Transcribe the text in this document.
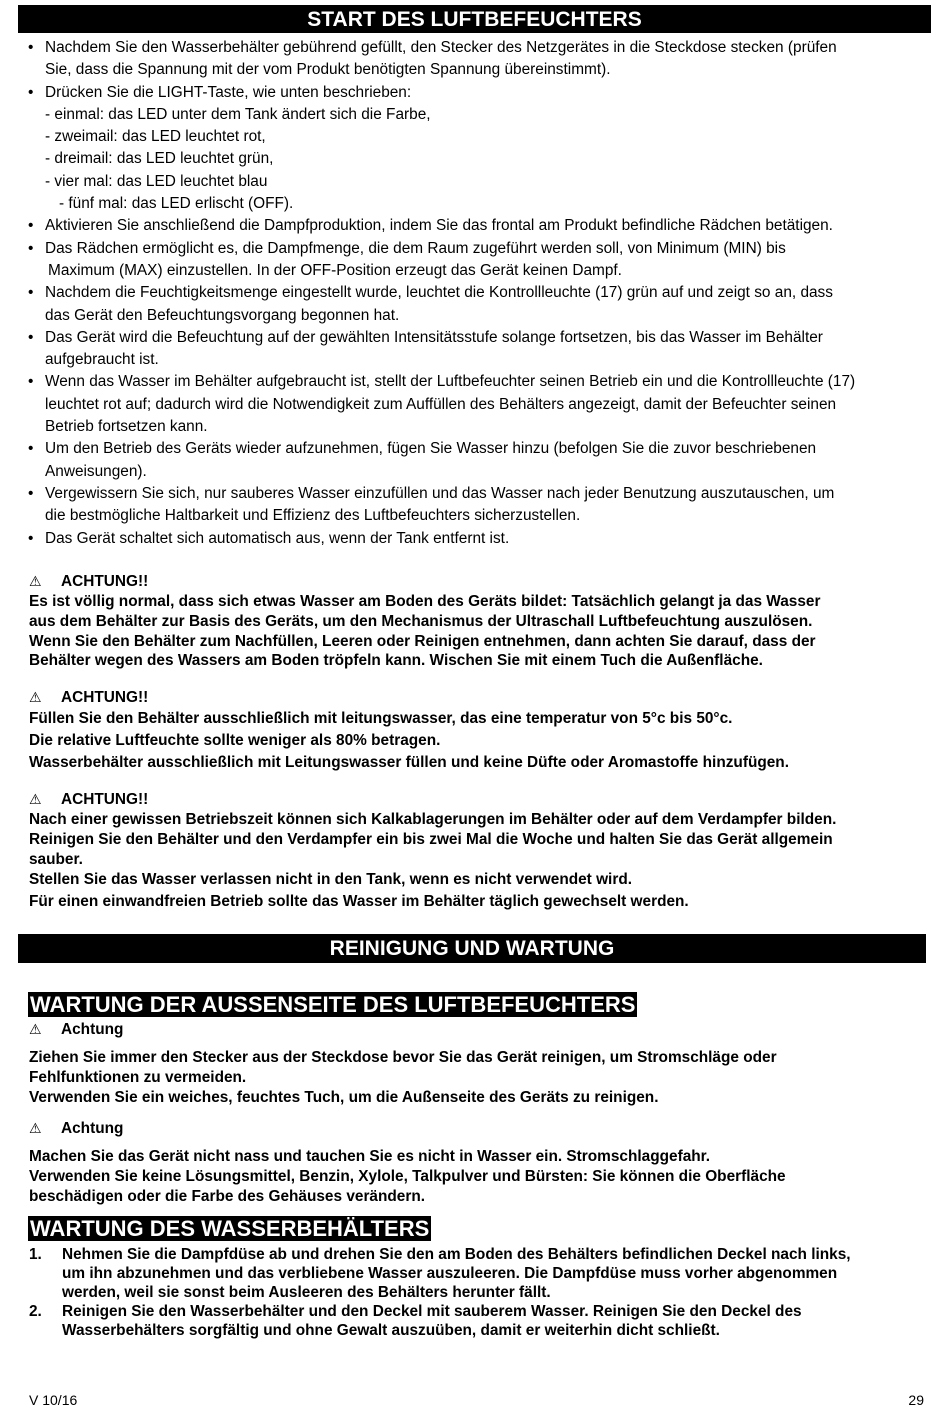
START DES LUFTBEFEUCHTERS
• Nachdem Sie den Wasserbehälter gebührend gefüllt, den Stecker des Netzgerätes in die Steckdose stecken (prüfen
Sie, dass die Spannung mit der vom Produkt benötigten Spannung übereinstimmt).
• Drücken Sie die LIGHT-Taste, wie unten beschrieben:
- einmal: das LED unter dem Tank ändert sich die Farbe,
- zweimail: das LED leuchtet rot,
- dreimail: das LED leuchtet grün,
- vier mal: das LED leuchtet blau
- fünf mal: das LED erlischt (OFF).
• Aktivieren Sie anschließend die Dampfproduktion, indem Sie das frontal am Produkt befindliche Rädchen betätigen.
• Das Rädchen ermöglicht es, die Dampfmenge, die dem Raum zugeführt werden soll, von Minimum (MIN) bis
Maximum (MAX) einzustellen. In der OFF-Position erzeugt das Gerät keinen Dampf.
• Nachdem die Feuchtigkeitsmenge eingestellt wurde, leuchtet die Kontrollleuchte (17) grün auf und zeigt so an, dass
das Gerät den Befeuchtungsvorgang begonnen hat.
• Das Gerät wird die Befeuchtung auf der gewählten Intensitätsstufe solange fortsetzen, bis das Wasser im Behälter
aufgebraucht ist.
• Wenn das Wasser im Behälter aufgebraucht ist, stellt der Luftbefeuchter seinen Betrieb ein und die Kontrollleuchte (17)
leuchtet rot auf; dadurch wird die Notwendigkeit zum Auffüllen des Behälters angezeigt, damit der Befeuchter seinen
Betrieb fortsetzen kann.
• Um den Betrieb des Geräts wieder aufzunehmen, fügen Sie Wasser hinzu (befolgen Sie die zuvor beschriebenen
Anweisungen).
• Vergewissern Sie sich, nur sauberes Wasser einzufüllen und das Wasser nach jeder Benutzung auszutauschen, um
die bestmögliche Haltbarkeit und Effizienz des Luftbefeuchters sicherzustellen.
• Das Gerät schaltet sich automatisch aus, wenn der Tank entfernt ist.
⚠	ACHTUNG!!

Es ist völlig normal, dass sich etwas Wasser am Boden des Geräts bildet: Tatsächlich gelangt ja das Wasser

aus dem Behälter zur Basis des Geräts, um den Mechanismus der Ultraschall Luftbefeuchtung auszulösen.

Wenn Sie den Behälter zum Nachfüllen, Leeren oder Reinigen entnehmen, dann achten Sie darauf, dass der

Behälter wegen des Wassers am Boden tröpfeln kann. Wischen Sie mit einem Tuch die Außenfläche.

⚠	ACHTUNG!!

Füllen Sie den Behälter ausschließlich mit leitungswasser, das eine temperatur von 5°c bis 50°c.

Die relative Luftfeuchte sollte weniger als 80% betragen.

Wasserbehälter ausschließlich mit Leitungswasser füllen und keine Düfte oder Aromastoffe hinzufügen.

⚠	ACHTUNG!!

Nach einer gewissen Betriebszeit können sich Kalkablagerungen im Behälter oder auf dem Verdampfer bilden.

Reinigen Sie den Behälter und den Verdampfer ein bis zwei Mal die Woche und halten Sie das Gerät allgemein

sauber.

Stellen Sie das Wasser verlassen nicht in den Tank, wenn es nicht verwendet wird.

Für einen einwandfreien Betrieb sollte das Wasser im Behälter täglich gewechselt werden.

REINIGUNG UND WARTUNG
WARTUNG DER AUSSENSEITE DES LUFTBEFEUCHTERS
⚠	Achtung

Ziehen Sie immer den Stecker aus der Steckdose bevor Sie das Gerät reinigen, um Stromschläge oder

Fehlfunktionen zu vermeiden.

Verwenden Sie ein weiches, feuchtes Tuch, um die Außenseite des Geräts zu reinigen.

⚠	Achtung

Machen Sie das Gerät nicht nass und tauchen Sie es nicht in Wasser ein. Stromschlaggefahr.

Verwenden Sie keine Lösungsmittel, Benzin, Xylole, Talkpulver und Bürsten: Sie können die Oberfläche

beschädigen oder die Farbe des Gehäuses verändern.

WARTUNG DES WASSERBEHÄLTERS
1. Nehmen Sie die Dampfdüse ab und drehen Sie den am Boden des Behälters befindlichen Deckel nach links,
um ihn abzunehmen und das verbliebene Wasser auszuleeren. Die Dampfdüse muss vorher abgenommen
werden, weil sie sonst beim Ausleeren des Behälters herunter fällt.
2. Reinigen Sie den Wasserbehälter und den Deckel mit sauberem Wasser. Reinigen Sie den Deckel des
Wasserbehälters sorgfältig und ohne Gewalt auszuüben, damit er weiterhin dicht schließt.
V 10/16	29
